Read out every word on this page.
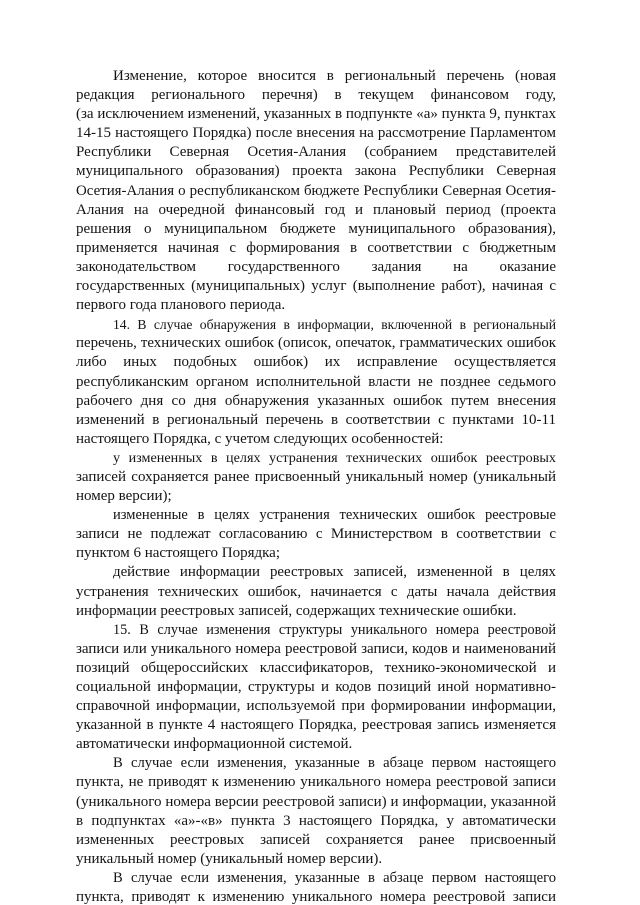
Изменение, которое вносится в региональный перечень (новая
редакция регионального перечня) в текущем финансовом году,
(за исключением изменений, указанных в подпункте «а» пункта 9, пунктах
14-15 настоящего Порядка) после внесения на рассмотрение Парламентом
Республики Северная Осетия-Алания (собранием представителей
муниципального образования) проекта закона Республики Северная
Осетия-Алания о республиканском бюджете Республики Северная Осетия-
Алания на очередной финансовый год и плановый период (проекта
решения о муниципальном бюджете муниципального образования),
применяется начиная с формирования в соответствии с бюджетным
законодательством государственного задания на оказание
государственных (муниципальных) услуг (выполнение работ), начиная с
первого года планового периода.
14. В случае обнаружения в информации, включенной в региональный
перечень, технических ошибок (описок, опечаток, грамматических ошибок
либо иных подобных ошибок) их исправление осуществляется
республиканским органом исполнительной власти не позднее седьмого
рабочего дня со дня обнаружения указанных ошибок путем внесения
изменений в региональный перечень в соответствии с пунктами 10-11
настоящего Порядка, с учетом следующих особенностей:
у измененных в целях устранения технических ошибок реестровых
записей сохраняется ранее присвоенный уникальный номер (уникальный
номер версии);
измененные в целях устранения технических ошибок реестровые
записи не подлежат согласованию с Министерством в соответствии с
пунктом 6 настоящего Порядка;
действие информации реестровых записей, измененной в целях
устранения технических ошибок, начинается с даты начала действия
информации реестровых записей, содержащих технические ошибки.
15. В случае изменения структуры уникального номера реестровой
записи или уникального номера реестровой записи, кодов и наименований
позиций общероссийских классификаторов, технико-экономической и
социальной информации, структуры и кодов позиций иной нормативно-
справочной информации, используемой при формировании информации,
указанной в пункте 4 настоящего Порядка, реестровая запись изменяется
автоматически информационной системой.
В случае если изменения, указанные в абзаце первом настоящего
пункта, не приводят к изменению уникального номера реестровой записи
(уникального номера версии реестровой записи) и информации, указанной
в подпунктах «а»-«в» пункта 3 настоящего Порядка, у автоматически
измененных реестровых записей сохраняется ранее присвоенный
уникальный номер (уникальный номер версии).
В случае если изменения, указанные в абзаце первом настоящего
пункта, приводят к изменению уникального номера реестровой записи
